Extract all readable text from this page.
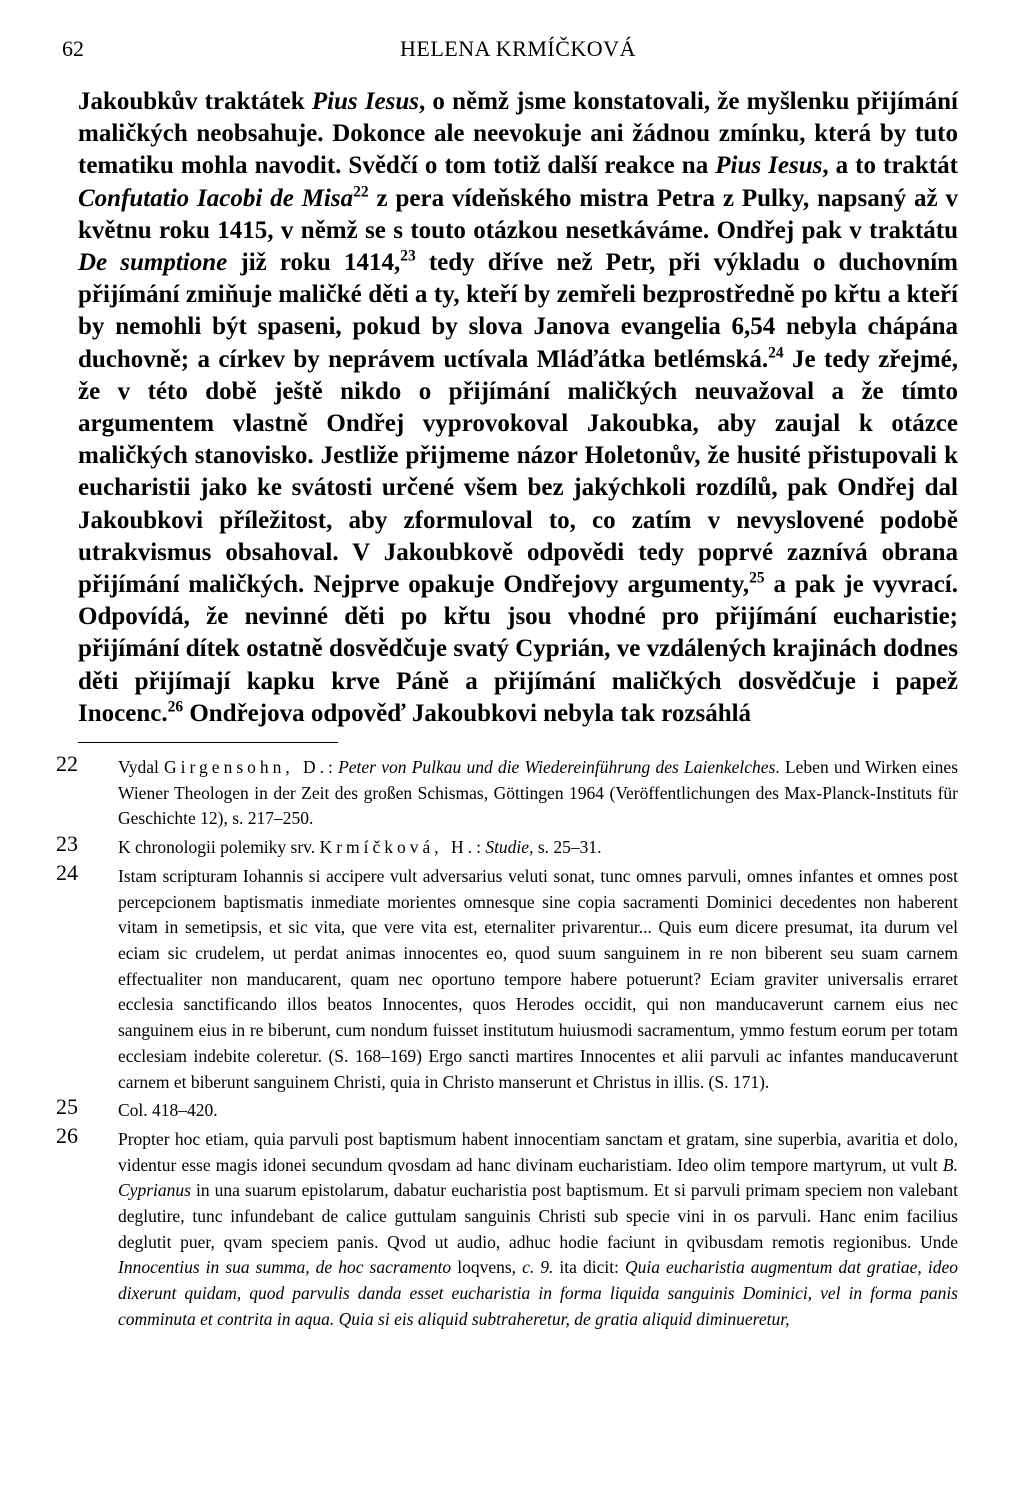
62	HELENA KRMÍČKOVÁ

Jakoubkův traktátek Pius Iesus, o němž jsme konstatovali, že myšlenku přijímání maličkých neobsahuje. Dokonce ale neevokuje ani žádnou zmínku, která by tuto tematiku mohla navodit. Svědčí o tom totiž další reakce na Pius Iesus, a to traktát Confutatio Iacobi de Misa$^{22}$ z pera vídeňského mistra Petra z Pulky, napsaný až v květnu roku 1415, v němž se s touto otázkou nesetkáváme. Ondřej pak v traktátu De sumptione již roku 1414,23 tedy dříve než Petr, při výkladu o duchovním přijímání zmiňuje maličké děti a ty, kteří by zemřeli bezprostředně po křtu a kteří by nemohli být spaseni, pokud by slova Janova evangelia 6,54 nebyla chápána duchovně; a církev by neprávem uctívala Mláďátka betlémská.$^{24}$ Je tedy zřejmé, že v této době ještě nikdo o přijímání maličkých neuvažoval a že tímto argumentem vlastně Ondřej vyprovokoval Jakoubka, aby zaujal k otázce maličkých stanovisko. Jestliže přijmeme názor Holetonův, že husité přistupovali k eucharistii jako ke svátosti určené všem bez jakýchkoli rozdílů, pak Ondřej dal Jakoubkovi příležitost, aby zformuloval to, co zatím v nevyslovené podobě utrakvismus obsahoval. V Jakoubkově odpovědi tedy poprvé zaznívá obrana přijímání maličkých. Nejprve opakuje Ondřejovy argumenty,$^{25}$ a pak je vyvrací. Odpovídá, že nevinné děti po křtu jsou vhodné pro přijímání eucharistie; přijímání dítek ostatně dosvědčuje svatý Cyprián, ve vzdálených krajinách dodnes děti přijímají kapku krve Páně a přijímání maličkých dosvědčuje i papež Inocenc.$^{26}$ Ondřejova odpověď Jakoubkovi nebyla tak rozsáhlá

22 Vydal Girgensohn, D.: Peter von Pulkau und die Wiedereinführung des Laienkelches. Leben und Wirken eines Wiener Theologen in der Zeit des großen Schismas, Göttingen 1964 (Veröffentlichungen des Max-Planck-Instituts für Geschichte 12), s. 217–250.
23 K chronologii polemiky srv. Krmíčková, H.: Studie, s. 25–31.
24 Istam scripturam Iohannis si accipere vult adversarius veluti sonat, tunc omnes parvuli, omnes infantes et omnes post percepcionem baptismatis inmediate morientes omnesque sine copia sacramenti Dominici decedentes non haberent vitam in semetipsis, et sic vita, que vere vita est, eternaliter privarentur... Quis eum dicere presumat, ita durum vel eciam sic crudelem, ut perdat animas innocentes eo, quod suum sanguinem in re non biberent seu suam carnem effectualiter non manducarent, quam nec oportuno tempore habere potuerunt? Eciam graviter universalis erraret ecclesia sanctificando illos beatos Innocentes, quos Herodes occidit, qui non manducaverunt carnem eius nec sanguinem eius in re biberunt, cum nondum fuisset institutum huiusmodi sacramentum, ymmo festum eorum per totam ecclesiam indebite coleretur. (S. 168–169) Ergo sancti martires Innocentes et alii parvuli ac infantes manducaverunt carnem et biberunt sanguinem Christi, quia in Christo manserunt et Christus in illis. (S. 171).
25 Col. 418–420.
26 Propter hoc etiam, quia parvuli post baptismum habent innocentiam sanctam et gratam, sine superbia, avaritia et dolo, videntur esse magis idonei secundum qvosdam ad hanc divinam eucharistiam. Ideo olim tempore martyrum, ut vult B. Cyprianus in una suarum epistolarum, dabatur eucharistia post baptismum. Et si parvuli primam speciem non valebant deglutire, tunc infundebant de calice guttulam sanguinis Christi sub specie vini in os parvuli. Hanc enim facilius deglutit puer, qvam speciem panis. Qvod ut audio, adhuc hodie faciunt in qvibusdam remotis regionibus. Unde Innocentius in sua summa, de hoc sacramento loqvens, c. 9. ita dicit: Quia eucharistia augmentum dat gratiae, ideo dixerunt quidam, quod parvulis danda esset eucharistia in forma liquida sanguinis Dominici, vel in forma panis comminuta et contrita in aqua. Quia si eis aliquid subtraheretur, de gratia aliquid diminueretur,
